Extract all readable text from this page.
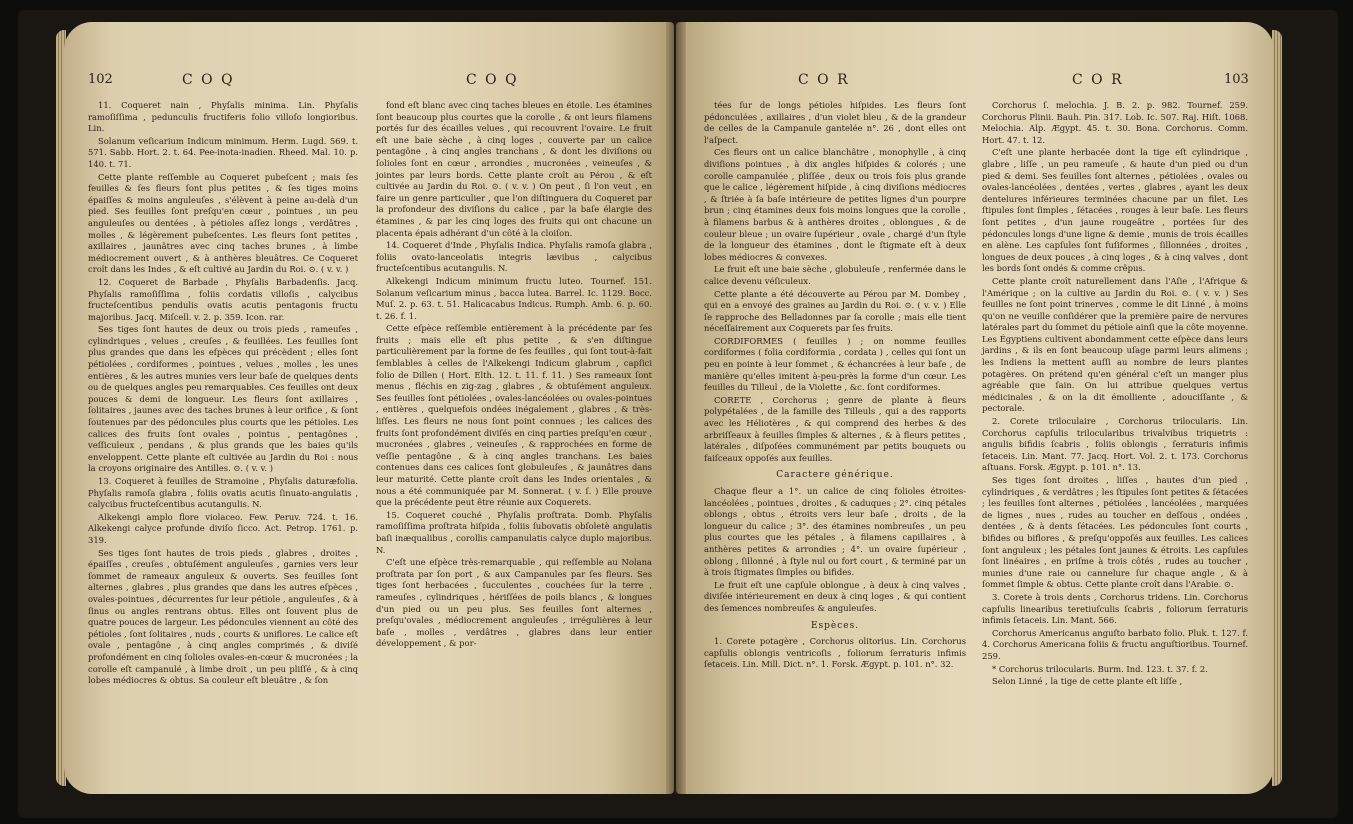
102	C O Q	C O Q

11. Coqueret nain , Phyſalis minima. Lin. Phyſalis ramoſiſſima , pedunculis fructiferis folio villoſo longioribus. Lin.

Solanum veſicarium Indicum minimum. Herm. Lugd. 569. t. 571. Sabb. Hort. 2. t. 64. Pee-inota-inadien. Rheed. Mal. 10. p. 140. t. 71.

Cette plante reſſemble au Coqueret pubeſcent ; mais ſes feuilles & ſes fleurs ſont plus petites , & ſes tiges moins épaiſſes & moins anguleuſes , s'élèvent à peine au-delà d'un pied. Ses feuilles ſont preſqu'en cœur , pointues , un peu anguleuſes ou dentées , à pétioles aſſez longs , verdâtres , molles , & légèrement pubeſcentes. Les fleurs ſont petites , axillaires , jaunâtres avec cinq taches brunes , à limbe médiocrement ouvert , & à anthères bleuâtres. Ce Coqueret croît dans les Indes , & eſt cultivé au Jardin du Roi. ⊙. ( v. v. )

12. Coqueret de Barbade , Phyſalis Barbadenſis. Jacq. Phyſalis ramoſiſſima , foliis cordatis villoſis , calycibus fructeſcentibus pendulis ovatis acutis pentagonis fructu majoribus. Jacq. Miſcell. v. 2. p. 359. Icon. rar.

Ses tiges ſont hautes de deux ou trois pieds , rameuſes , cylindriques , velues , creuſes , & feuillées. Les feuilles ſont plus grandes que dans les eſpèces qui précèdent ; elles ſont pétiolées , cordiformes , pointues , velues , molles , les unes entières , & les autres munies vers leur baſe de quelques dents ou de quelques angles peu remarquables. Ces feuilles ont deux pouces & demi de longueur. Les fleurs ſont axillaires , ſolitaires , jaunes avec des taches brunes à leur orifice , & ſont ſoutenues par des pédoncules plus courts que les pétioles. Les calices des fruits ſont ovales , pointus , pentagônes , veſſiculeux , pendans , & plus grands que les baies qu'ils enveloppent. Cette plante eſt cultivée au Jardin du Roi : nous la croyons originaire des Antilles. ⊙. ( v. v. )

13. Coqueret à feuilles de Stramoine , Phyſalis daturæfolia. Phyſalis ramoſa glabra , foliis ovatis acutis ſinuato-angulatis , calycibus fructeſcentibus acutangulis. N.

Alkekengi amplo flore violaceo. Few. Peruv. 724. t. 16. Alkekengi calyce profunde diviſo ſicco. Act. Petrop. 1761. p. 319.

Ses tiges ſont hautes de trois pieds , glabres , droites , épaiſſes , creuſes , obtuſément anguleuſes , garnies vers leur ſommet de rameaux anguleux & ouverts. Ses feuilles ſont alternes , glabres , plus grandes que dans les autres eſpèces , ovales-pointues , décurrentes ſur leur pétiole , anguleuſes , & à ſinus ou angles rentrans obtus. Elles ont ſouvent plus de quatre pouces de largeur. Les pédoncules viennent au côté des pétioles , ſont ſolitaires , nuds , courts & uniflores. Le calice eſt ovale , pentagône , à cinq angles comprimés , & diviſé profondément en cinq ſolioles ovales-en-cœur & mucronées ; la corolle eſt campanulé , à limbe droit , un peu pliſſé , & à cinq lobes médiocres & obtus. Sa couleur eſt bleuâtre , & ſon

fond eſt blanc avec cinq taches bleues en étoile. Les étamines ſont beaucoup plus courtes que la corolle , & ont leurs filamens portés ſur des écailles velues , qui recouvrent l'ovaire. Le fruit eſt une baie sèche , à cinq loges , couverte par un calice pentagône , à cinq angles tranchans , & dont les diviſions ou ſolioles ſont en cœur , arrondies , mucronées , veineuſes , & jointes par leurs bords. Cette plante croît au Pérou , & eſt cultivée au Jardin du Roi. ⊙. ( v. v. ) On peut , ſi l'on veut , en faire un genre particulier , que l'on diſtinguera du Coqueret par la profondeur des diviſions du calice , par la baſe élargie des étamines , & par les cinq loges des fruits qui ont chacune un placenta épais adhérant d'un côté à la cloiſon.

14. Coqueret d'Inde , Phyſalis Indica. Phyſalis ramoſa glabra , foliis ovato-lanceolatis integris lævibus , calycibus fructeſcentibus acutangulis. N.

Alkekengi Indicum minimum fructu luteo. Tournef. 151. Solanum veſicarium minus , bacca lutea. Barrel. Ic. 1129. Bocc. Muſ. 2. p. 63. t. 51. Halicacabus Indicus. Rumph. Amb. 6. p. 60. t. 26. f. 1.

Cette eſpèce reſſemble entièrement à la précédente par ſes fruits ; mais elle eſt plus petite , & s'en diſtingue particulièrement par la forme de ſes feuilles , qui ſont tout-à-fait ſemblables à celles de l'Alkekengi Indicum glabrum , capſici folio de Dillen ( Hort. Elth. 12. t. 11. f. 11. ) Ses rameaux ſont menus , fléchis en zig-zag , glabres , & obtuſément anguleux. Ses feuilles ſont pétiolées , ovales-lancéolées ou ovales-pointues , entières , quelquefois ondées inégalement , glabres , & très-liſſes. Les fleurs ne nous ſont point connues ; les calices des fruits ſont profondément diviſés en cinq parties preſqu'en cœur , mucronées , glabres , veineuſes , & rapprochées en forme de veſſie pentagône , & à cinq angles tranchans. Les baies contenues dans ces calices ſont globuleuſes , & jaunâtres dans leur maturité. Cette plante croît dans les Indes orientales , & nous a été communiquée par M. Sonnerat. ( v. ſ. ) Elle prouve que la précédente peut être réunie aux Coquerets.

15. Coqueret couché , Phyſalis proſtrata. Domb. Phyſalis ramoſiſſima proſtrata hiſpida , foliis ſubovatis obſoletè angulatis baſi inæqualibus , corollis campanulatis calyce duplo majoribus. N.

C'eſt une eſpèce très-remarquable , qui reſſemble au Nolana proſtrata par ſon port , & aux Campanules par ſes fleurs. Ses tiges ſont herbacées , ſucculentes , couchées ſur la terre , rameuſes , cylindriques , hériſſées de poils blancs , & longues d'un pied ou un peu plus. Ses feuilles ſont alternes , preſqu'ovales , médiocrement anguleuſes , irrégulières à leur baſe , molles , verdâtres , glabres dans leur entier développement , & por-

C O R	C O R	103

tées ſur de longs pétioles hiſpides. Les fleurs ſont pédonculées , axillaires , d'un violet bleu , & de la grandeur de celles de la Campanule gantelée n°. 26 , dont elles ont l'aſpect.

Ces fleurs ont un calice blanchâtre , monophylle , à cinq diviſions pointues , à dix angles hiſpides & colorés ; une corolle campanulée , pliſſée , deux ou trois fois plus grande que le calice , légèrement hiſpide , à cinq diviſions médiocres , & ſtriée à ſa baſe intérieure de petites lignes d'un pourpre brun ; cinq étamines deux fois moins longues que la corolle , à filamens barbus & à anthères droites , oblongues , & de couleur bleue ; un ovaire ſupérieur , ovale , chargé d'un ſtyle de la longueur des étamines , dont le ſtigmate eſt à deux lobes médiocres & convexes.

Le fruit eſt une baie sèche , globuleuſe , renfermée dans le calice devenu véſiculeux.

Cette plante a été découverte au Pérou par M. Dombey , qui en a envoyé des graines au Jardin du Roi. ⊙. ( v. v. ) Elle ſe rapproche des Belladonnes par ſa corolle ; mais elle tient néceſſairement aux Coquerets par ſes fruits.

CORDIFORMES ( feuilles ) ; on nomme feuilles cordiformes ( folia cordiformia , cordata ) , celles qui ſont un peu en pointe à leur ſommet , & échancrées à leur baſe , de manière qu'elles imitent à-peu-près la forme d'un cœur. Les feuilles du Tilleul , de la Violette , &c. ſont cordiformes.

CORETE , Corchorus ; genre de plante à fleurs polypétalées , de la famille des Tilleuls , qui a des rapports avec les Héliotères , & qui comprend des herbes & des arbriſſeaux à feuilles ſimples & alternes , & à fleurs petites , latérales , diſpoſées communément par petits bouquets ou faiſceaux oppoſés aux feuilles.

Caractere générique.

Chaque fleur a 1°. un calice de cinq folioles étroites-lancéolées , pointues , droites , & caduques ; 2°. cinq pétales oblongs , obtus , étroits vers leur baſe , droits , de la longueur du calice ; 3°. des étamines nombreuſes , un peu plus courtes que les pétales , à filamens capillaires , à anthères petites & arrondies ; 4°. un ovaire ſupérieur , oblong , ſillonné , à ſtyle nul ou fort court , & terminé par un à trois ſtigmates ſimples ou bifides.

Le fruit eſt une capſule oblongue , à deux à cinq valves , diviſée intérieurement en deux à cinq loges , & qui contient des ſemences nombreuſes & anguleuſes.

Espèces.

1. Corete potagère , Corchorus olitorius. Lin. Corchorus capſulis oblongis ventricoſis , foliorum ſerraturis infimis ſetaceis. Lin. Mill. Dict. n°. 1. Forsk. Ægypt. p. 101. n°. 32.

Corchorus ſ. melochia. J. B. 2. p. 982. Tournef. 259. Corchorus Plinii. Bauh. Pin. 317. Lob. Ic. 507. Raj. Hiſt. 1068. Melochia. Alp. Ægypt. 45. t. 30. Bona. Corchorus. Comm. Hort. 47. t. 12.

C'eſt une plante herbacée dont la tige eſt cylindrique , glabre , liſſe , un peu rameuſe , & haute d'un pied ou d'un pied & demi. Ses feuilles ſont alternes , pétiolées , ovales ou ovales-lancéolées , dentées , vertes , glabres , ayant les deux dentelures inférieures terminées chacune par un filet. Les ſtipules ſont ſimples , ſétacées , rouges à leur baſe. Les fleurs ſont petites , d'un jaune rougeâtre , portées ſur des pédoncules longs d'une ligne & demie , munis de trois écailles en alène. Les capſules ſont fuſiformes , ſillonnées , droites , longues de deux pouces , à cinq loges , & à cinq valves , dont les bords ſont ondés & comme crêpus.

Cette plante croît naturellement dans l'Aſie , l'Afrique & l'Amérique ; on la cultive au Jardin du Roi. ⊙. ( v. v. ) Ses feuilles ne ſont point trinerves , comme le dit Linné , à moins qu'on ne veuille conſidérer que la première paire de nervures latérales part du ſommet du pétiole ainſi que la côte moyenne. Les Égyptiens cultivent abondamment cette eſpèce dans leurs jardins , & ils en ſont beaucoup uſage parmi leurs alimens ; les Indiens la mettent auſſi au nombre de leurs plantes potagères. On prétend qu'en général c'eſt un manger plus agréable que ſain. On lui attribue quelques vertus médicinales , & on la dit émolliente , adouciſſante , & pectorale.

2. Corete triloculaire , Corchorus trilocularis. Lin. Corchorus capſulis trilocularibus trivalvibus triquetris : angulis bifidis ſcabris , foliis oblongis , ſerraturis infimis ſetaceis. Lin. Mant. 77. Jacq. Hort. Vol. 2. t. 173. Corchorus aſtuans. Forsk. Ægypt. p. 101. n°. 13.

Ses tiges ſont droites , liſſes , hautes d'un pied , cylindriques , & verdâtres ; les ſtipules ſont petites & ſétacées ; les feuilles ſont alternes , pétiolées , lancéolées , marquées de lignes , nues , rudes au toucher en deſſous , ondées , dentées , & à dents ſétacées. Les pédoncules ſont courts , bifides ou biflores , & preſqu'oppoſés aux feuilles. Les calices ſont anguleux ; les pétales ſont jaunes & étroits. Les capſules ſont linéaires , en priſme à trois côtés , rudes au toucher , munies d'une raie ou cannelure ſur chaque angle , & à ſommet ſimple & obtus. Cette plante croît dans l'Arabie. ⊙.

3. Corete à trois dents , Corchorus tridens. Lin. Corchorus capſulis linearibus teretiuſculis ſcabris , foliorum ſerraturis infimis ſetaceis. Lin. Mant. 566.

Corchorus Americanus anguſto barbato folio. Pluk. t. 127. f. 4. Corchorus Americana foliis & fructu anguſtioribus. Tournef. 259.

* Corchorus trilocularis. Burm. Ind. 123. t. 37. f. 2.

Selon Linné , la tige de cette plante eſt liſſe ,
